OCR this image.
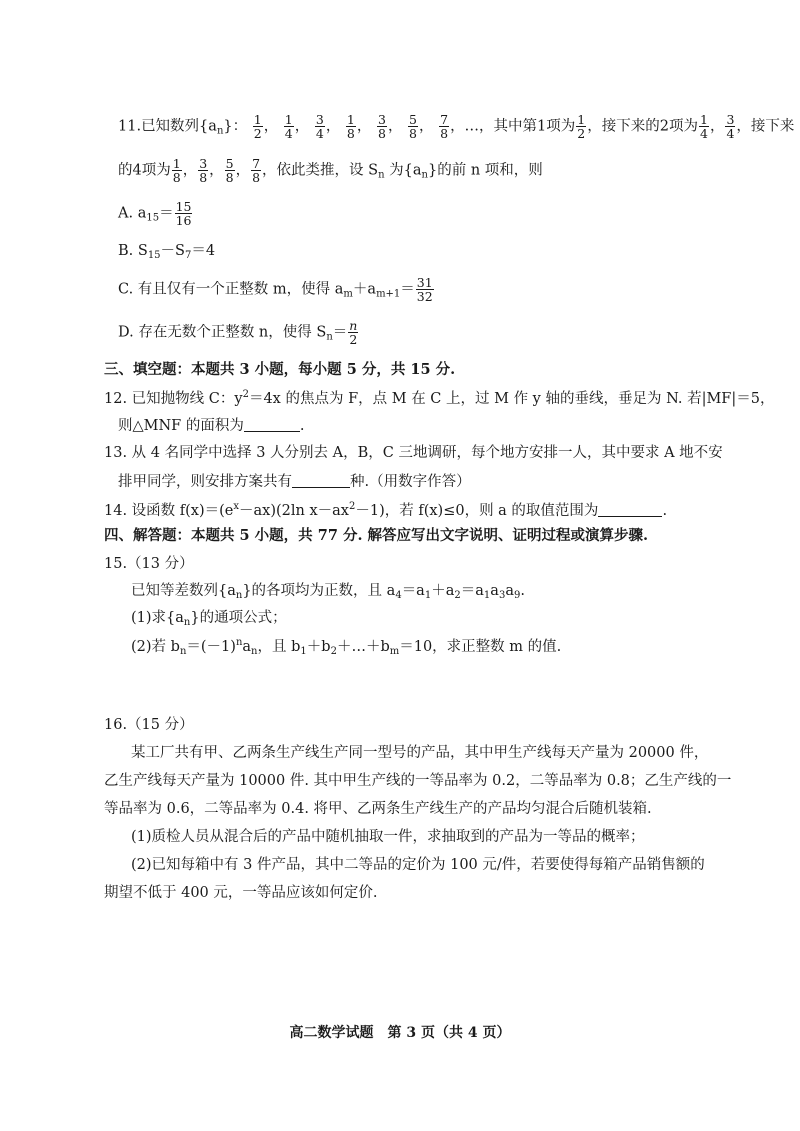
11.已知数列$\{a_n\}$： $\frac{1}{2}$ ， $\frac{1}{4}$ ， $\frac{3}{4}$ ， $\frac{1}{8}$ ， $\frac{3}{8}$ ， $\frac{5}{8}$ ， $\frac{7}{8}$ ，…，其中第1项为 $\frac{1}{2}$ ，接下来的2项为 $\frac{1}{4}$ ， $\frac{3}{4}$ ，接下来
的4项为 $\frac{1}{8}$ ， $\frac{3}{8}$ ， $\frac{5}{8}$ ， $\frac{7}{8}$ ，依此类推，设 $S_n$ 为$\{a_n\}$的前 n 项和，则
A. $a_{15}= \frac{15}{16}$
B. $S_{15}-S_7=4$
C. 有且仅有一个正整数 m，使得 $a_m+a_{m+1}= \frac{31}{32}$
D. 存在无数个正整数 n，使得 $S_n= \frac{n}{2}$
三、填空题：本题共 3 小题，每小题 5 分，共 15 分.
12. 已知抛物线 C：$y^2=4x$ 的焦点为 F，点 M 在 C 上，过 M 作 y 轴的垂线，垂足为 N. 若|MF|＝5，
则△MNF 的面积为	.
13. 从 4 名同学中选择 3 人分别去 A，B，C 三地调研，每个地方安排一人，其中要求 A 地不安
排甲同学，则安排方案共有	种.（用数字作答）
14. 设函数 $f(x)=(e^x-ax)(2\ln$ $x-ax^2-1$)，若 f(x)≤0，则 a 的取值范围为	.
四、解答题：本题共 5 小题，共 77 分. 解答应写出文字说明、证明过程或演算步骤.
15.（13 分）
已知等差数列$\{a_n\}$的各项均为正数，且 $a_4=a_1+a_2=a_1a_3a_9$.
(1)求$\{a_n\}$的通项公式；
(2)若 $b_n=(-1)^na_n$，且 $b_1+b_2+\dots+b_m=10$，求正整数 m 的值.
16.（15 分）
某工厂共有甲、乙两条生产线生产同一型号的产品，其中甲生产线每天产量为 20000 件，
乙生产线每天产量为 10000 件. 其中甲生产线的一等品率为 0.2，二等品率为 0.8；乙生产线的一
等品率为 0.6，二等品率为 0.4. 将甲、乙两条生产线生产的产品均匀混合后随机装箱.
(1)质检人员从混合后的产品中随机抽取一件，求抽取到的产品为一等品的概率；
(2)已知每箱中有 3 件产品，其中二等品的定价为 100 元/件，若要使得每箱产品销售额的
期望不低于 400 元，一等品应该如何定价.
高二数学试题　第 3 页（共 4 页）
